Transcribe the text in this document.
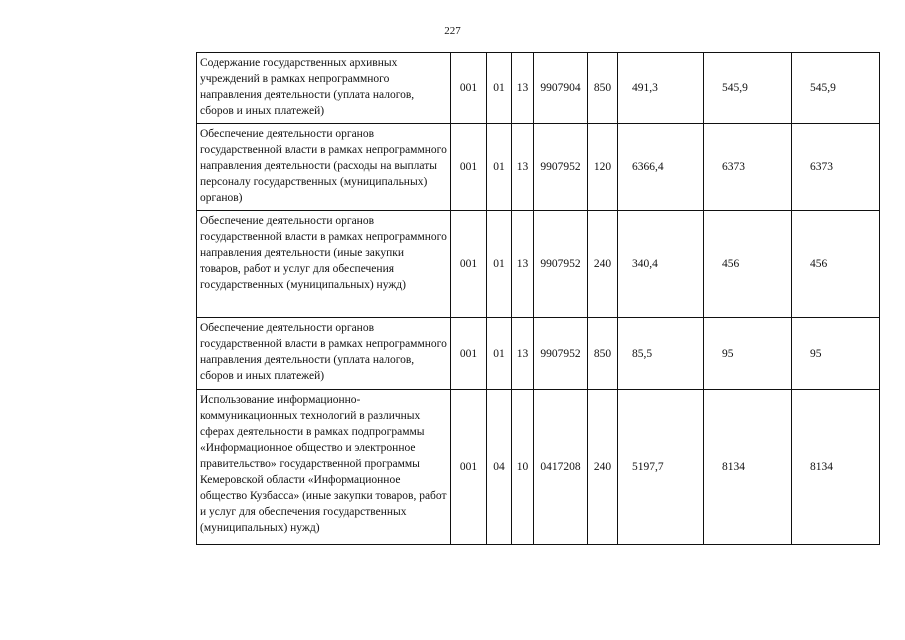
227
Содержание государственных архивных учреждений в рамках непрограммного направления деятельности (уплата налогов, сборов и иных платежей)	001	01	13	9907904	850	491,3	545,9	545,9
Обеспечение деятельности органов государственной власти в рамках непрограммного направления деятельности (расходы на выплаты персоналу государственных (муниципальных) органов)	001	01	13	9907952	120	6366,4	6373	6373
Обеспечение деятельности органов государственной власти в рамках непрограммного направления деятельности (иные закупки товаров, работ и услуг для обеспечения государственных (муниципальных) нужд)	001	01	13	9907952	240	340,4	456	456
Обеспечение деятельности органов государственной власти в рамках непрограммного направления деятельности (уплата налогов, сборов и иных платежей)	001	01	13	9907952	850	85,5	95	95
Использование информационно-коммуникационных технологий в различных сферах деятельности в рамках подпрограммы «Информационное общество и электронное правительство» государственной программы Кемеровской области «Информационное общество Кузбасса» (иные закупки товаров, работ и услуг для обеспечения государственных (муниципальных) нужд)	001	04	10	0417208	240	5197,7	8134	8134
